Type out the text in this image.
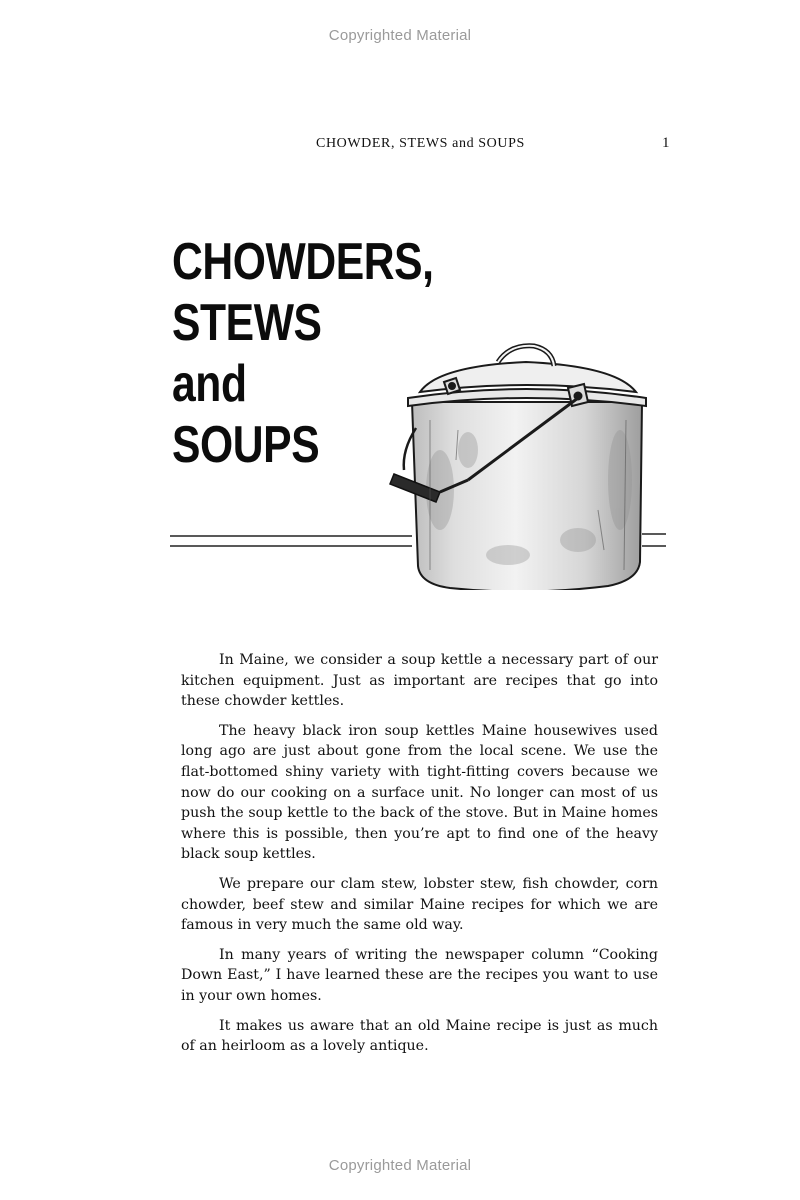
Copyrighted Material
CHOWDER, STEWS and SOUPS	1
CHOWDERS,
STEWS
and
SOUPS

In Maine, we consider a soup kettle a necessary part of our kitchen equipment. Just as important are recipes that go into these chowder kettles.

The heavy black iron soup kettles Maine housewives used long ago are just about gone from the local scene. We use the flat-bottomed shiny variety with tight-fitting covers because we now do our cooking on a surface unit. No longer can most of us push the soup kettle to the back of the stove. But in Maine homes where this is possible, then you’re apt to find one of the heavy black soup kettles.

We prepare our clam stew, lobster stew, fish chowder, corn chowder, beef stew and similar Maine recipes for which we are famous in very much the same old way.

In many years of writing the newspaper column “Cooking Down East,” I have learned these are the recipes you want to use in your own homes.

It makes us aware that an old Maine recipe is just as much of an heirloom as a lovely antique.

Copyrighted Material
